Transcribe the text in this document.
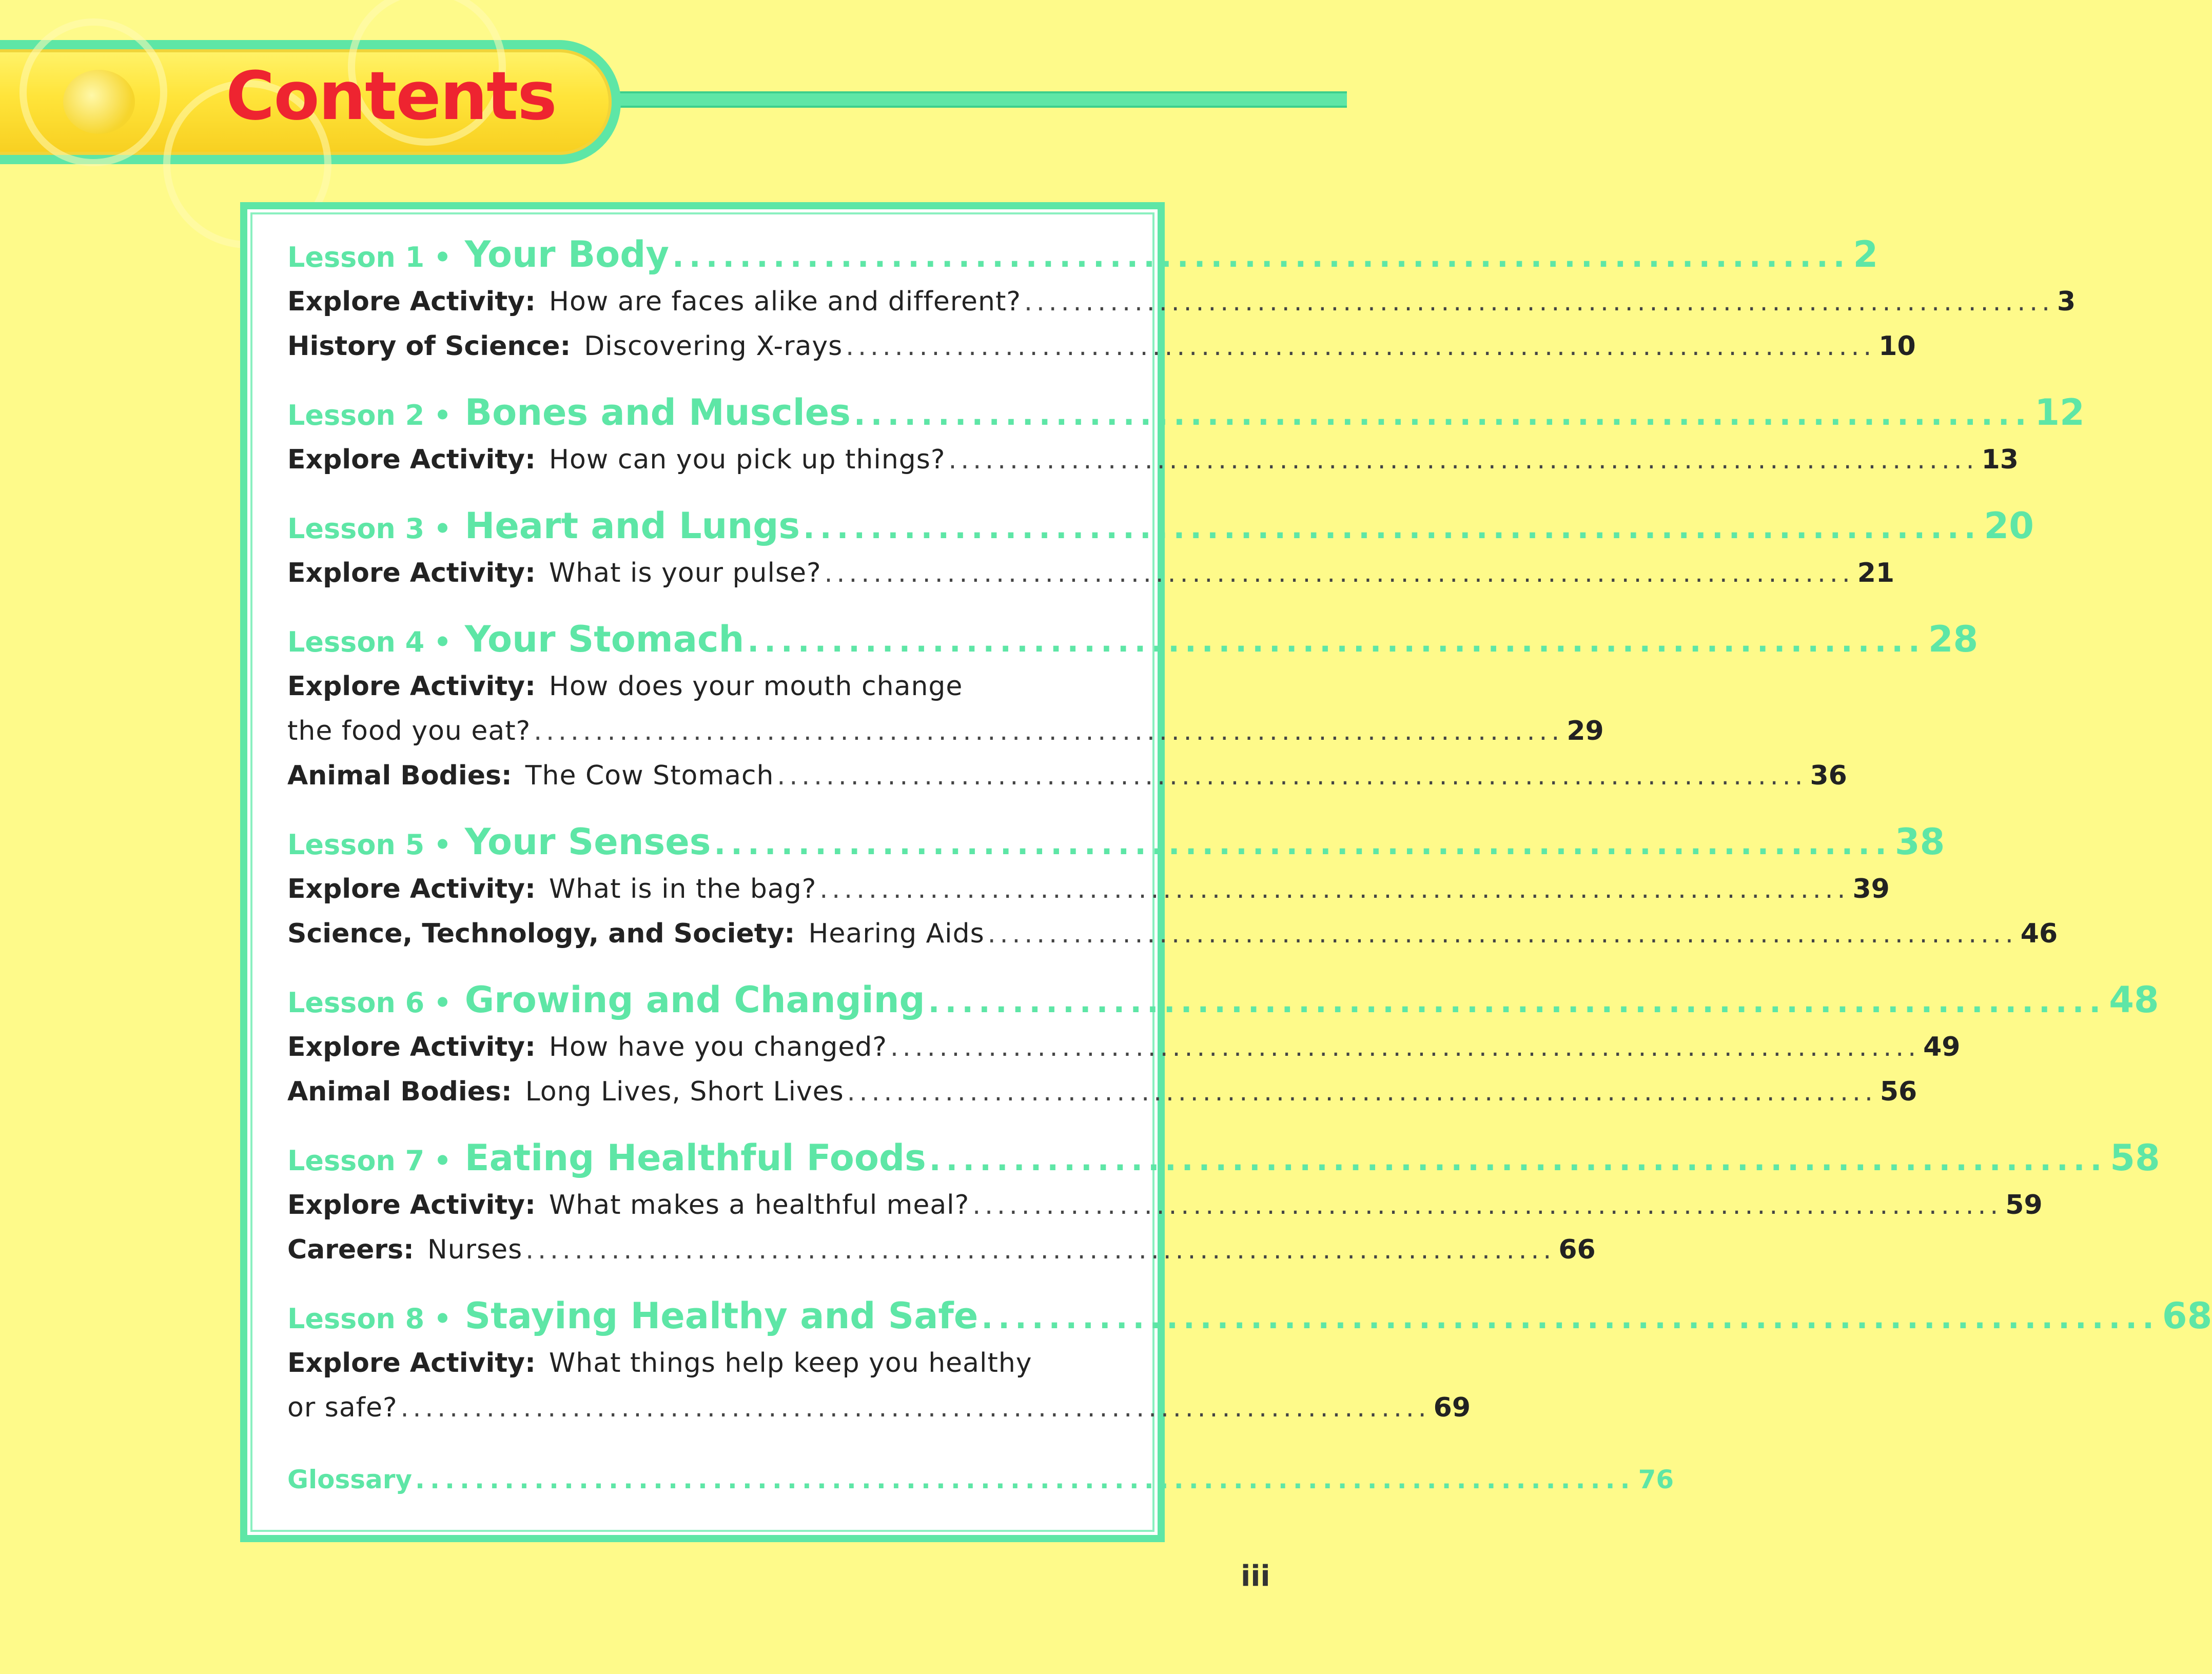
Contents
Lesson 1 • Your Body ...................................................................... 2
Explore Activity: How are faces alike and different? .................................................................................... 3
History of Science: Discovering X-rays .................................................................................... 10
Lesson 2 • Bones and Muscles ...................................................................... 12
Explore Activity: How can you pick up things? .................................................................................... 13
Lesson 3 • Heart and Lungs ...................................................................... 20
Explore Activity: What is your pulse? .................................................................................... 21
Lesson 4 • Your Stomach ...................................................................... 28
Explore Activity: How does your mouth change
the food you eat? .................................................................................... 29
Animal Bodies: The Cow Stomach .................................................................................... 36
Lesson 5 • Your Senses ...................................................................... 38
Explore Activity: What is in the bag? .................................................................................... 39
Science, Technology, and Society: Hearing Aids .................................................................................... 46
Lesson 6 • Growing and Changing ...................................................................... 48
Explore Activity: How have you changed? .................................................................................... 49
Animal Bodies: Long Lives, Short Lives .................................................................................... 56
Lesson 7 • Eating Healthful Foods ...................................................................... 58
Explore Activity: What makes a healthful meal? .................................................................................... 59
Careers: Nurses .................................................................................... 66
Lesson 8 • Staying Healthy and Safe ...................................................................... 68
Explore Activity: What things help keep you healthy
or safe? .................................................................................... 69
Glossary .................................................................................. 76
iii
